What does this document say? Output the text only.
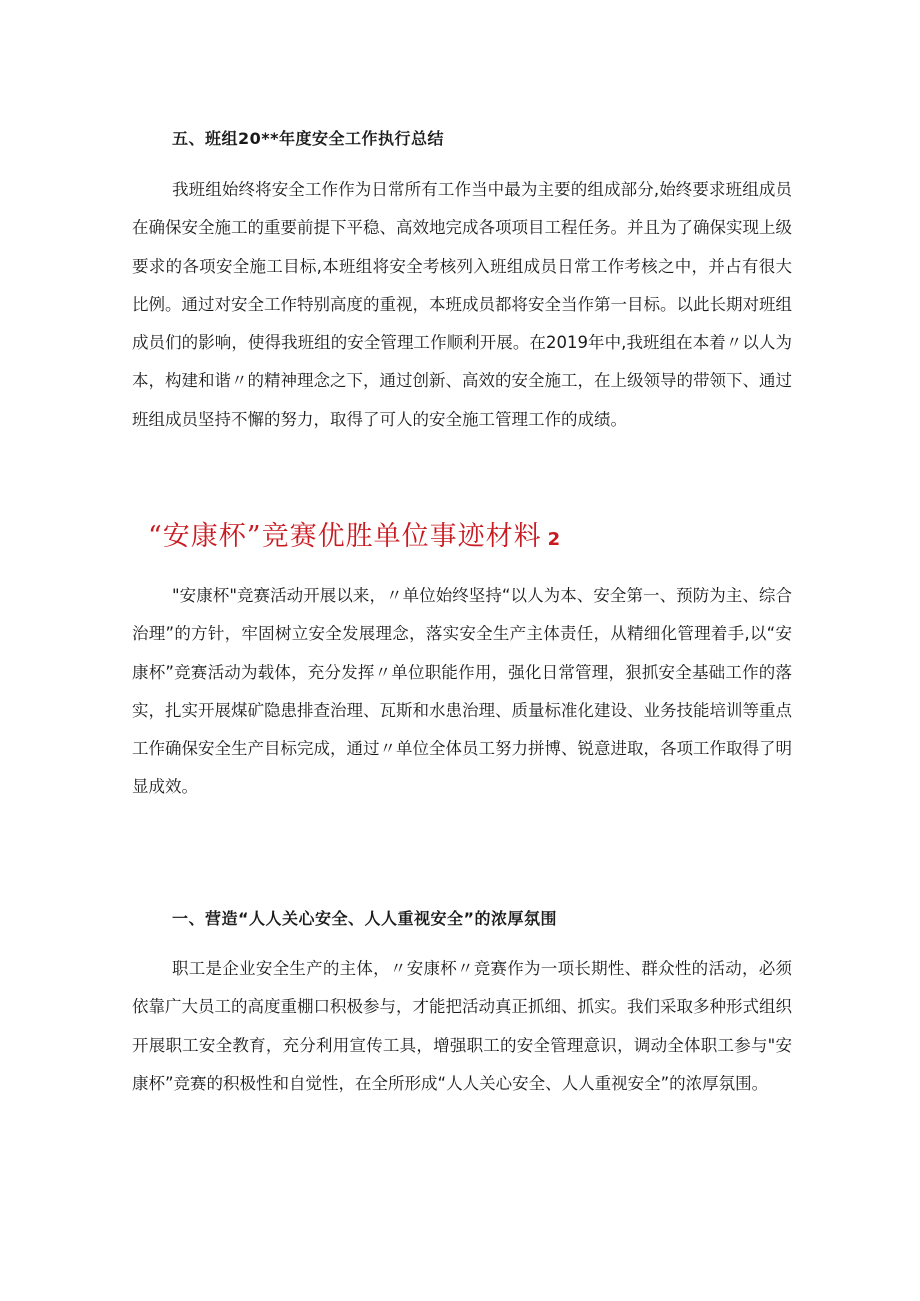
五、班组20**年度安全工作执行总结

我班组始终将安全工作作为日常所有工作当中最为主要的组成部分,始终要求班组成员在确保安全施工的重要前提下平稳、高效地完成各项项目工程任务。并且为了确保实现上级要求的各项安全施工目标,本班组将安全考核列入班组成员日常工作考核之中，并占有很大比例。通过对安全工作特别高度的重视，本班成员都将安全当作第一目标。以此长期对班组成员们的影响，使得我班组的安全管理工作顺利开展。在2019年中,我班组在本着〃以人为本，构建和谐〃的精神理念之下，通过创新、高效的安全施工，在上级领导的带领下、通过班组成员坚持不懈的努力，取得了可人的安全施工管理工作的成绩。

“安康杯”竞赛优胜单位事迹材料 2

"安康杯"竞赛活动开展以来，〃单位始终坚持“以人为本、安全第一、预防为主、综合治理”的方针，牢固树立安全发展理念，落实安全生产主体责任，从精细化管理着手,以“安康杯”竞赛活动为载体，充分发挥〃单位职能作用，强化日常管理，狠抓安全基础工作的落实，扎实开展煤矿隐患排查治理、瓦斯和水患治理、质量标准化建设、业务技能培训等重点工作确保安全生产目标完成，通过〃单位全体员工努力拼博、锐意进取，各项工作取得了明显成效。

一、营造“人人关心安全、人人重视安全”的浓厚氛围

职工是企业安全生产的主体，〃安康杯〃竞赛作为一项长期性、群众性的活动，必须依靠广大员工的高度重棚口积极参与，才能把活动真正抓细、抓实。我们采取多种形式组织开展职工安全教育，充分利用宣传工具，增强职工的安全管理意识，调动全体职工参与"安康杯”竞赛的积极性和自觉性，在全所形成“人人关心安全、人人重视安全”的浓厚氛围。
